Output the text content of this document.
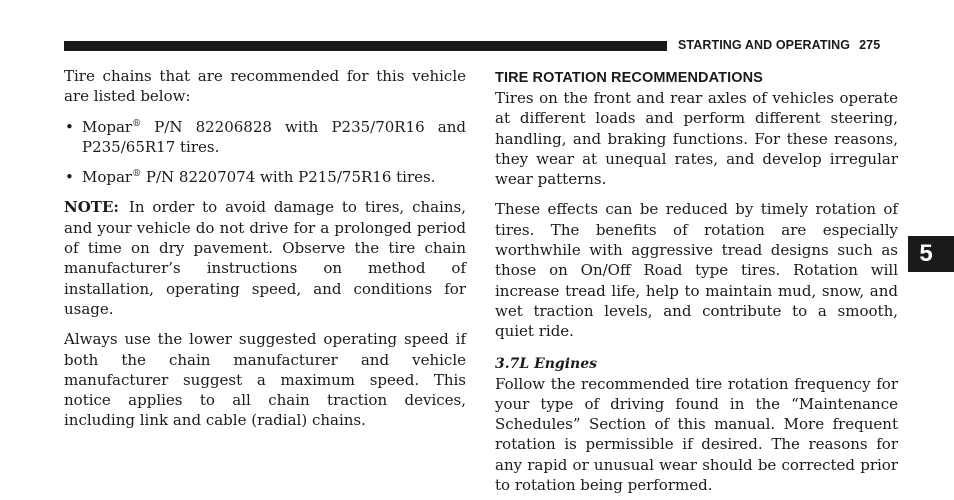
STARTING AND OPERATING 275

Tire chains that are recommended for this vehicle are listed below:

• Mopar® P/N 82206828 with P235/70R16 and P235/65R17 tires.
• Mopar® P/N 82207074 with P215/75R16 tires.

NOTE: In order to avoid damage to tires, chains, and your vehicle do not drive for a prolonged period of time on dry pavement. Observe the tire chain manufacturer’s instructions on method of installation, operating speed, and conditions for usage.

Always use the lower suggested operating speed if both the chain manufacturer and vehicle manufacturer suggest a maximum speed. This notice applies to all chain traction devices, including link and cable (radial) chains.

TIRE ROTATION RECOMMENDATIONS

Tires on the front and rear axles of vehicles operate at different loads and perform different steering, handling, and braking functions. For these reasons, they wear at unequal rates, and develop irregular wear patterns.

These effects can be reduced by timely rotation of tires. The benefits of rotation are especially worthwhile with aggressive tread designs such as those on On/Off Road type tires. Rotation will increase tread life, help to maintain mud, snow, and wet traction levels, and contribute to a smooth, quiet ride.

3.7L Engines

Follow the recommended tire rotation frequency for your type of driving found in the “Maintenance Schedules” Section of this manual. More frequent rotation is permissible if desired. The reasons for any rapid or unusual wear should be corrected prior to rotation being performed.

5
